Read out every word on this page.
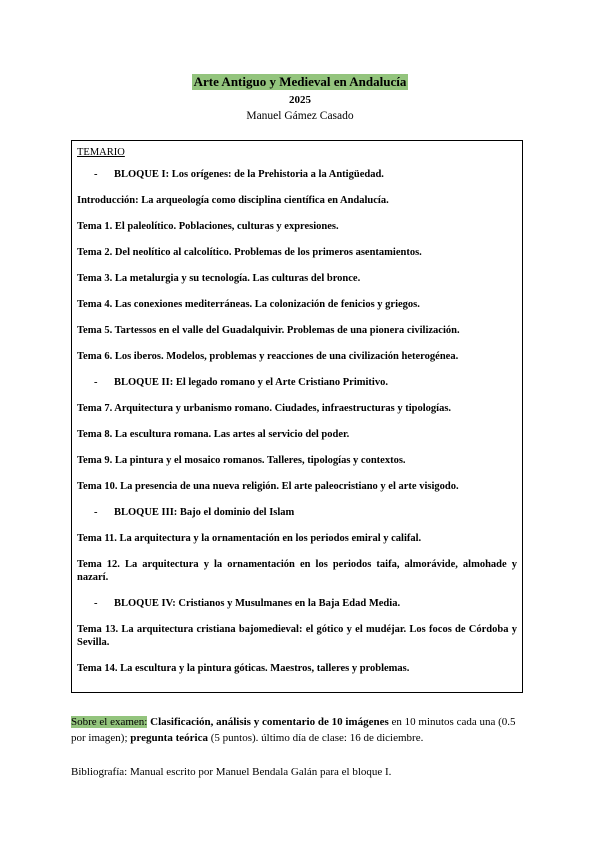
Arte Antiguo y Medieval en Andalucía
2025
Manuel Gámez Casado
TEMARIO
- BLOQUE I: Los orígenes: de la Prehistoria a la Antigüedad.
Introducción: La arqueología como disciplina científica en Andalucía.
Tema 1. El paleolítico. Poblaciones, culturas y expresiones.
Tema 2. Del neolítico al calcolítico. Problemas de los primeros asentamientos.
Tema 3. La metalurgia y su tecnología. Las culturas del bronce.
Tema 4. Las conexiones mediterráneas. La colonización de fenicios y griegos.
Tema 5. Tartessos en el valle del Guadalquivir. Problemas de una pionera civilización.
Tema 6. Los iberos. Modelos, problemas y reacciones de una civilización heterogénea.
- BLOQUE II: El legado romano y el Arte Cristiano Primitivo.
Tema 7. Arquitectura y urbanismo romano. Ciudades, infraestructuras y tipologías.
Tema 8. La escultura romana. Las artes al servicio del poder.
Tema 9. La pintura y el mosaico romanos. Talleres, tipologías y contextos.
Tema 10. La presencia de una nueva religión. El arte paleocristiano y el arte visigodo.
- BLOQUE III: Bajo el dominio del Islam
Tema 11. La arquitectura y la ornamentación en los periodos emiral y califal.
Tema 12. La arquitectura y la ornamentación en los periodos taifa, almorávide, almohade y nazarí.
- BLOQUE IV: Cristianos y Musulmanes en la Baja Edad Media.
Tema 13. La arquitectura cristiana bajomedieval: el gótico y el mudéjar. Los focos de Córdoba y Sevilla.
Tema 14. La escultura y la pintura góticas. Maestros, talleres y problemas.
Sobre el examen: Clasificación, análisis y comentario de 10 imágenes en 10 minutos cada una (0.5 por imagen); pregunta teórica (5 puntos). último día de clase: 16 de diciembre.
Bibliografía: Manual escrito por Manuel Bendala Galán para el bloque I.
